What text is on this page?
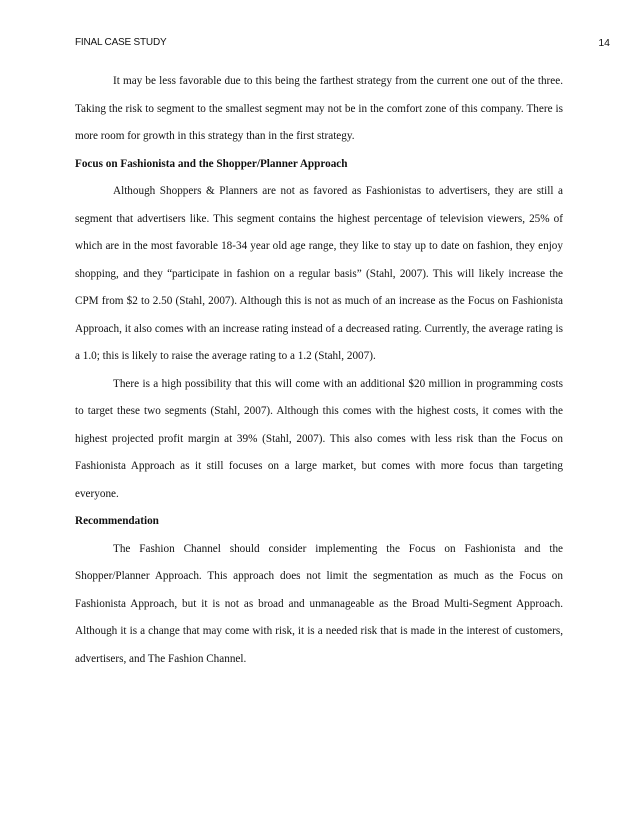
FINAL CASE STUDY	14

It may be less favorable due to this being the farthest strategy from the current one out of the three. Taking the risk to segment to the smallest segment may not be in the comfort zone of this company. There is more room for growth in this strategy than in the first strategy.

Focus on Fashionista and the Shopper/Planner Approach

Although Shoppers & Planners are not as favored as Fashionistas to advertisers, they are still a segment that advertisers like. This segment contains the highest percentage of television viewers, 25% of which are in the most favorable 18-34 year old age range, they like to stay up to date on fashion, they enjoy shopping, and they “participate in fashion on a regular basis” (Stahl, 2007). This will likely increase the CPM from $2 to 2.50 (Stahl, 2007). Although this is not as much of an increase as the Focus on Fashionista Approach, it also comes with an increase rating instead of a decreased rating. Currently, the average rating is a 1.0; this is likely to raise the average rating to a 1.2 (Stahl, 2007).

There is a high possibility that this will come with an additional $20 million in programming costs to target these two segments (Stahl, 2007). Although this comes with the highest costs, it comes with the highest projected profit margin at 39% (Stahl, 2007). This also comes with less risk than the Focus on Fashionista Approach as it still focuses on a large market, but comes with more focus than targeting everyone.

Recommendation

The Fashion Channel should consider implementing the Focus on Fashionista and the Shopper/Planner Approach. This approach does not limit the segmentation as much as the Focus on Fashionista Approach, but it is not as broad and unmanageable as the Broad Multi-Segment Approach. Although it is a change that may come with risk, it is a needed risk that is made in the interest of customers, advertisers, and The Fashion Channel.
